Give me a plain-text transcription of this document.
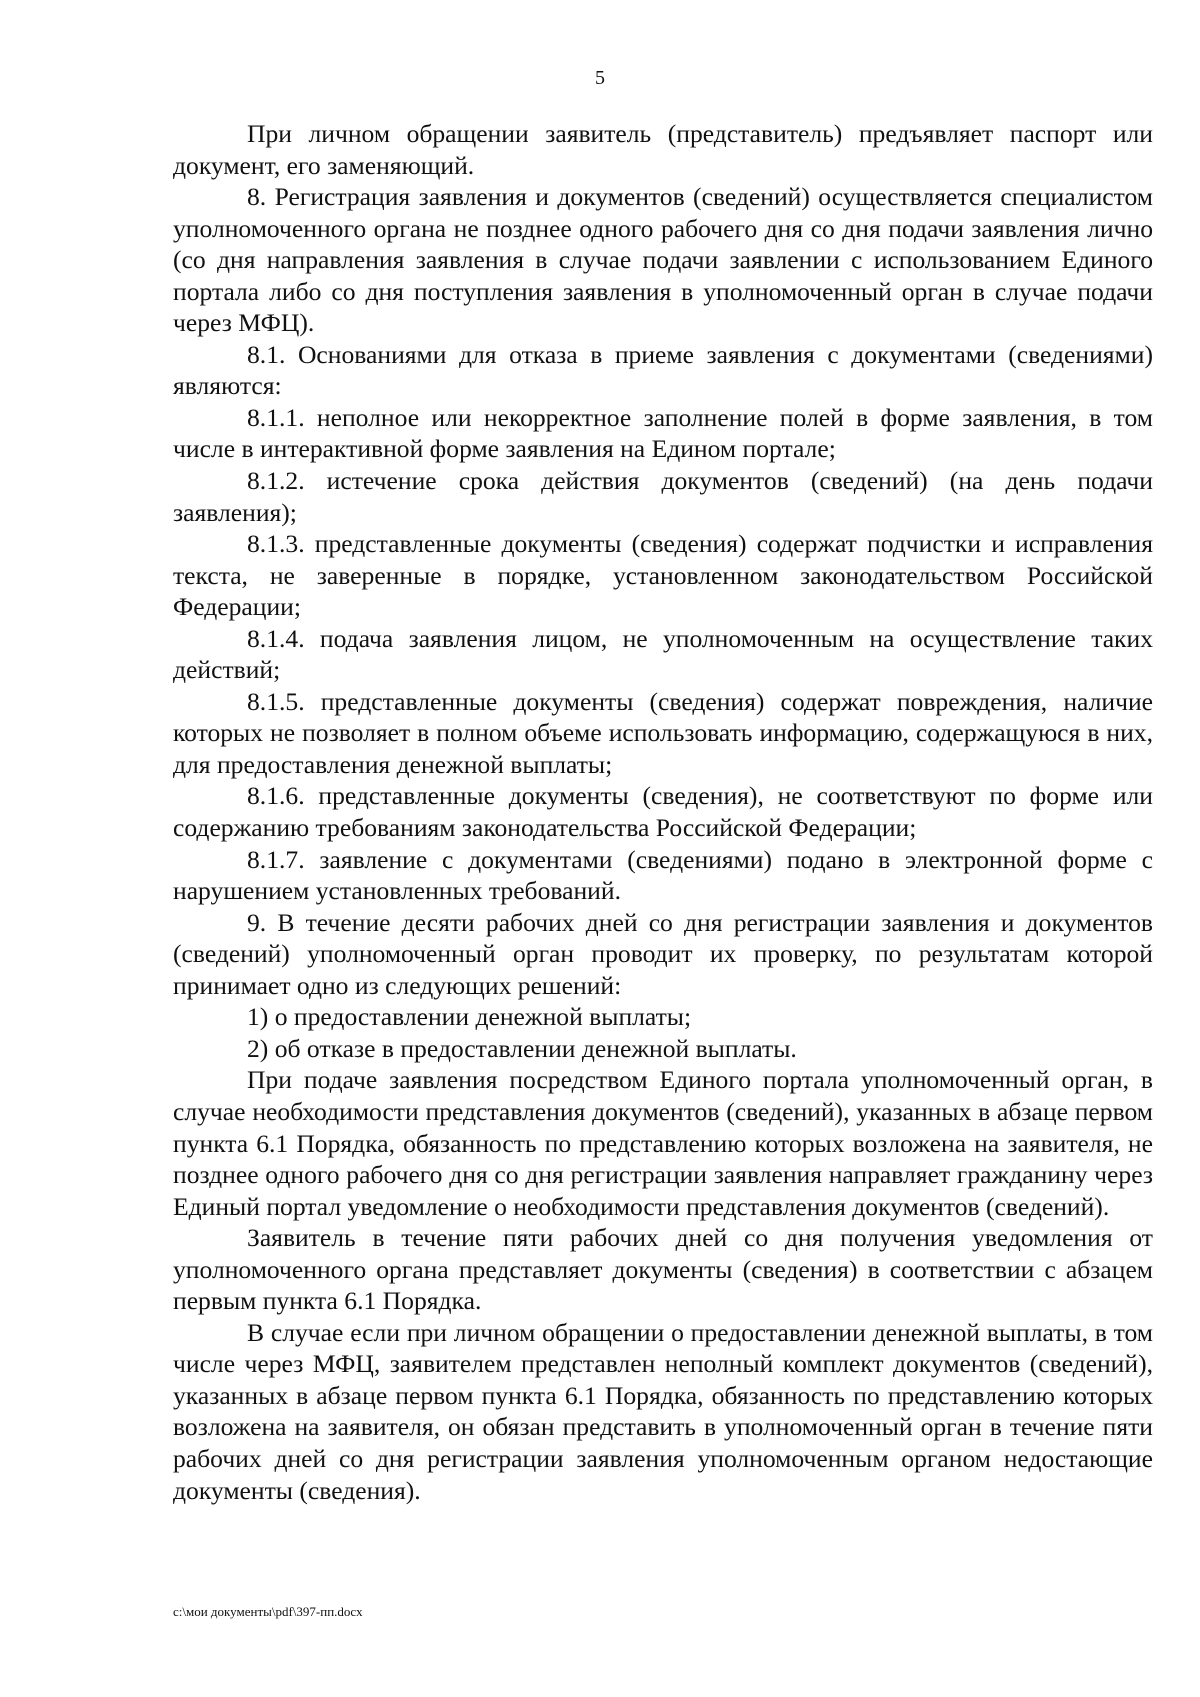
5

При личном обращении заявитель (представитель) предъявляет паспорт или документ, его заменяющий.

8. Регистрация заявления и документов (сведений) осуществляется специалистом уполномоченного органа не позднее одного рабочего дня со дня подачи заявления лично (со дня направления заявления в случае подачи заявлении с использованием Единого портала либо со дня поступления заявления в уполномоченный орган в случае подачи через МФЦ).

8.1. Основаниями для отказа в приеме заявления с документами (сведениями) являются:

8.1.1. неполное или некорректное заполнение полей в форме заявления, в том числе в интерактивной форме заявления на Едином портале;

8.1.2. истечение срока действия документов (сведений) (на день подачи заявления);

8.1.3. представленные документы (сведения) содержат подчистки и исправления текста, не заверенные в порядке, установленном законодательством Российской Федерации;

8.1.4. подача заявления лицом, не уполномоченным на осуществление таких действий;

8.1.5. представленные документы (сведения) содержат повреждения, наличие которых не позволяет в полном объеме использовать информацию, содержащуюся в них, для предоставления денежной выплаты;

8.1.6. представленные документы (сведения), не соответствуют по форме или содержанию требованиям законодательства Российской Федерации;

8.1.7. заявление с документами (сведениями) подано в электронной форме с нарушением установленных требований.

9. В течение десяти рабочих дней со дня регистрации заявления и документов (сведений) уполномоченный орган проводит их проверку, по результатам которой принимает одно из следующих решений:

1) о предоставлении денежной выплаты;

2) об отказе в предоставлении денежной выплаты.

При подаче заявления посредством Единого портала уполномоченный орган, в случае необходимости представления документов (сведений), указанных в абзаце первом пункта 6.1 Порядка, обязанность по представлению которых возложена на заявителя, не позднее одного рабочего дня со дня регистрации заявления направляет гражданину через Единый портал уведомление о необходимости представления документов (сведений).

Заявитель в течение пяти рабочих дней со дня получения уведомления от уполномоченного органа представляет документы (сведения) в соответствии с абзацем первым пункта 6.1 Порядка.

В случае если при личном обращении о предоставлении денежной выплаты, в том числе через МФЦ, заявителем представлен неполный комплект документов (сведений), указанных в абзаце первом пункта 6.1 Порядка, обязанность по представлению которых возложена на заявителя, он обязан представить в уполномоченный орган в течение пяти рабочих дней со дня регистрации заявления уполномоченным органом недостающие документы (сведения).

c:\мои документы\pdf\397-пп.docx
